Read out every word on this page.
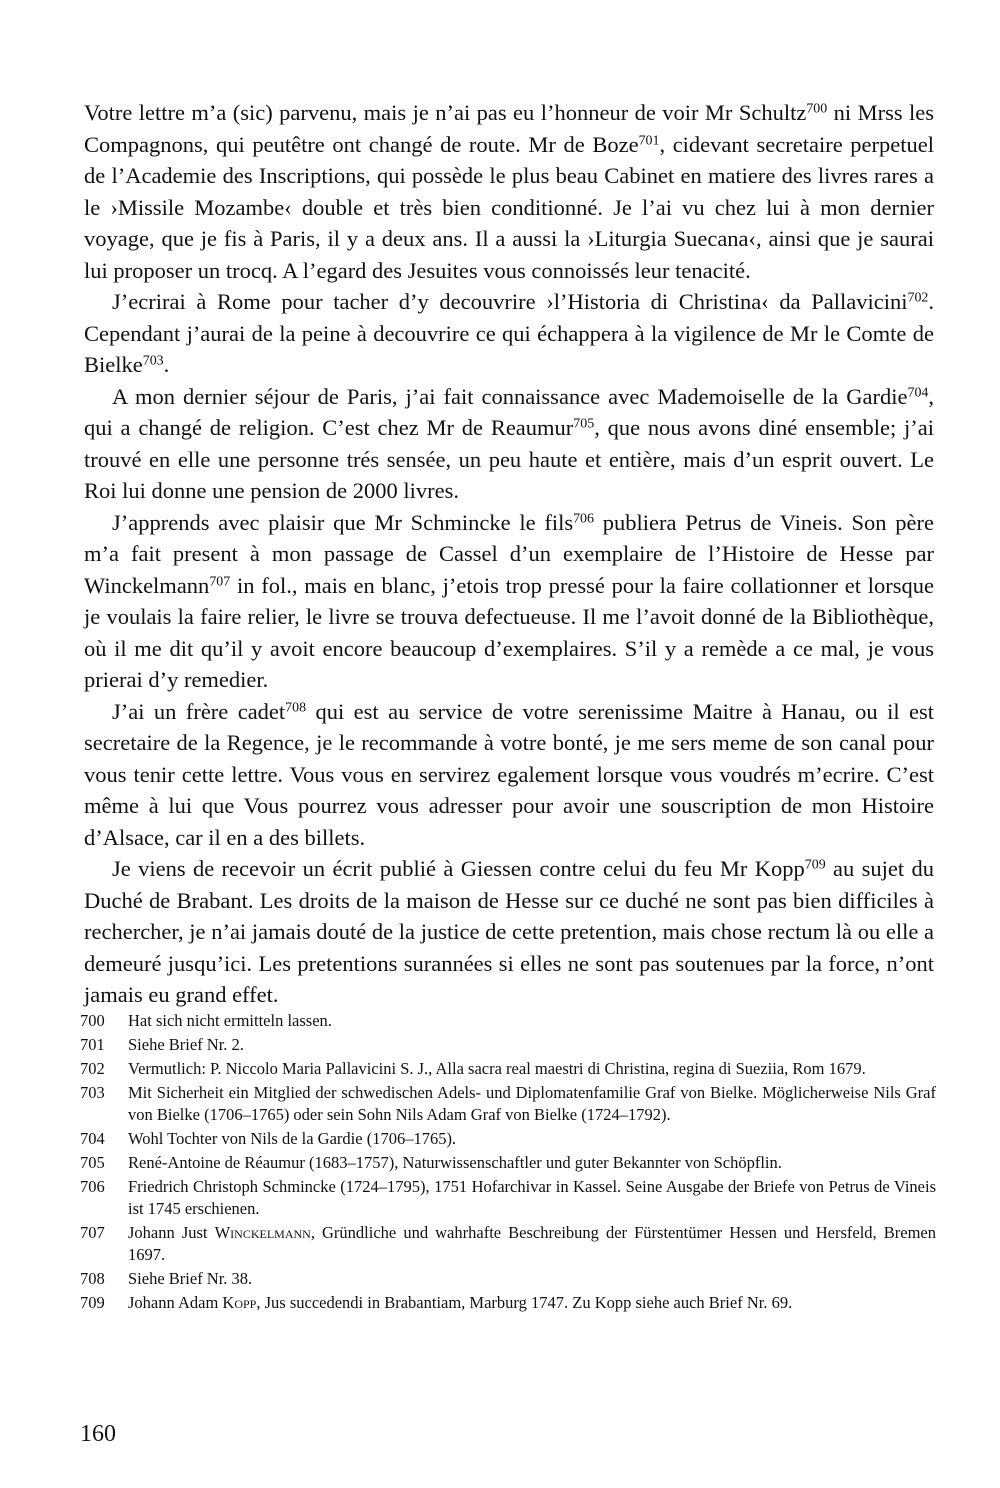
Votre lettre m’a (sic) parvenu, mais je n’ai pas eu l’honneur de voir Mr Schultz$^{700}$ ni Mrss les Compagnons, qui peutêtre ont changé de route. Mr de Boze$^{701}$, cidevant secretaire perpetuel de l’Academie des Inscriptions, qui possède le plus beau Cabinet en matiere des livres rares a le ›Missile Mozambe‹ double et très bien conditionné. Je l’ai vu chez lui à mon dernier voyage, que je fis à Paris, il y a deux ans. Il a aussi la ›Liturgia Suecana‹, ainsi que je saurai lui proposer un trocq. A l’egard des Jesuites vous connoissés leur tenacité.

J’ecrirai à Rome pour tacher d’y decouvrire ›l’Historia di Christina‹ da Pallavicini$^{702}$. Cependant j’aurai de la peine à decouvrire ce qui échappera à la vigilence de Mr le Comte de Bielke$^{703}$.

A mon dernier séjour de Paris, j’ai fait connaissance avec Mademoiselle de la Gardie$^{704}$, qui a changé de religion. C’est chez Mr de Reaumur$^{705}$, que nous avons diné ensemble; j’ai trouvé en elle une personne trés sensée, un peu haute et entière, mais d’un esprit ouvert. Le Roi lui donne une pension de 2000 livres.

J’apprends avec plaisir que Mr Schmincke le fils$^{706}$ publiera Petrus de Vineis. Son père m’a fait present à mon passage de Cassel d’un exemplaire de l’Histoire de Hesse par Winckelmann$^{707}$ in fol., mais en blanc, j’etois trop pressé pour la faire collationner et lorsque je voulais la faire relier, le livre se trouva defectueuse. Il me l’avoit donné de la Bibliothèque, où il me dit qu’il y avoit encore beaucoup d’exemplaires. S’il y a remède a ce mal, je vous prierai d’y remedier.

J’ai un frère cadet$^{708}$ qui est au service de votre serenissime Maitre à Hanau, ou il est secretaire de la Regence, je le recommande à votre bonté, je me sers meme de son canal pour vous tenir cette lettre. Vous vous en servirez egalement lorsque vous voudrés m’ecrire. C’est même à lui que Vous pourrez vous adresser pour avoir une souscription de mon Histoire d’Alsace, car il en a des billets.

Je viens de recevoir un écrit publié à Giessen contre celui du feu Mr Kopp$^{709}$ au sujet du Duché de Brabant. Les droits de la maison de Hesse sur ce duché ne sont pas bien difficiles à rechercher, je n’ai jamais douté de la justice de cette pretention, mais chose rectum là ou elle a demeuré jusqu’ici. Les pretentions surannées si elles ne sont pas soutenues par la force, n’ont jamais eu grand effet.

700	Hat sich nicht ermitteln lassen.
701	Siehe Brief Nr. 2.
702	Vermutlich: P. Niccolo Maria Pallavicini S. J., Alla sacra real maestri di Christina, regina di Sueziia, Rom 1679.
703	Mit Sicherheit ein Mitglied der schwedischen Adels- und Diplomatenfamilie Graf von Bielke. Möglicherweise Nils Graf von Bielke (1706–1765) oder sein Sohn Nils Adam Graf von Bielke (1724–1792).
704	Wohl Tochter von Nils de la Gardie (1706–1765).
705	René-Antoine de Réaumur (1683–1757), Naturwissenschaftler und guter Bekannter von Schöpflin.
706	Friedrich Christoph Schmincke (1724–1795), 1751 Hofarchivar in Kassel. Seine Ausgabe der Briefe von Petrus de Vineis ist 1745 erschienen.
707	Johann Just Winckelmann, Gründliche und wahrhafte Beschreibung der Fürstentümer Hessen und Hersfeld, Bremen 1697.
708	Siehe Brief Nr. 38.
709	Johann Adam Kopp, Jus succedendi in Brabantiam, Marburg 1747. Zu Kopp siehe auch Brief Nr. 69.
160
